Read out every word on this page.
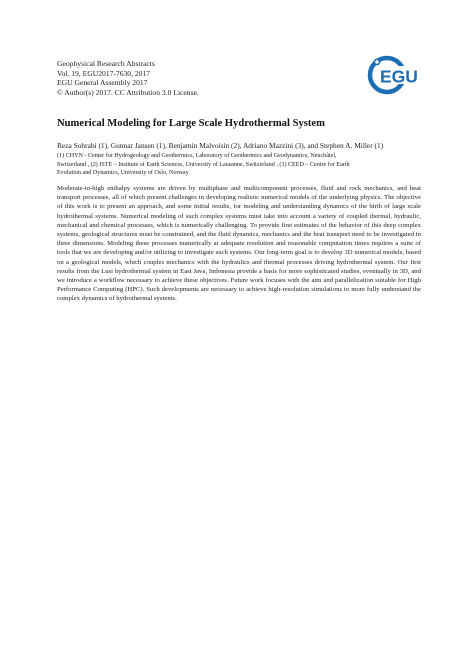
Geophysical Research Abstracts
Vol. 19, EGU2017-7630, 2017
EGU General Assembly 2017
© Author(s) 2017. CC Attribution 3.0 License.
EGU
Numerical Modeling for Large Scale Hydrothermal System
Reza Sohrabi (1), Gunnar Jansen (1), Benjamin Malvoisin (2), Adriano Mazzini (3), and Stephen A. Miller (1)
(1) CHYN - Center for Hydrogeology and Geothermics, Laboratory of Geothermics and Geodynamics, Neuchâtel,
Switzerland , (2) ISTE – Institute of Earth Sciences, University of Lausanne, Switzerland , (3) CEED – Centre for Earth
Evolution and Dynamics, University of Oslo, Norway
Moderate-to-high enthalpy systems are driven by multiphase and multicomponent processes, fluid and rock mechanics, and heat transport processes, all of which present challenges in developing realistic numerical models of the underlying physics. The objective of this work is to present an approach, and some initial results, for modeling and understanding dynamics of the birth of large scale hydrothermal systems. Numerical modeling of such complex systems must take into account a variety of coupled thermal, hydraulic, mechanical and chemical processes, which is numerically challenging. To provide first estimates of the behavior of this deep complex systems, geological structures must be constrained, and the fluid dynamics, mechanics and the heat transport need to be investigated in three dimensions. Modeling these processes numerically at adequate resolution and reasonable computation times requires a suite of tools that we are developing and/or utilizing to investigate such systems. Our long-term goal is to develop 3D numerical models, based on a geological models, which couples mechanics with the hydraulics and thermal processes driving hydrothermal system. Our first results from the Lusi hydrothermal system in East Java, Indonesia provide a basis for more sophisticated studies, eventually in 3D, and we introduce a workflow necessary to achieve these objectives. Future work focuses with the aim and parallelization suitable for High Performance Computing (HPC). Such developments are necessary to achieve high-resolution simulations to more fully understand the complex dynamics of hydrothermal systems.
